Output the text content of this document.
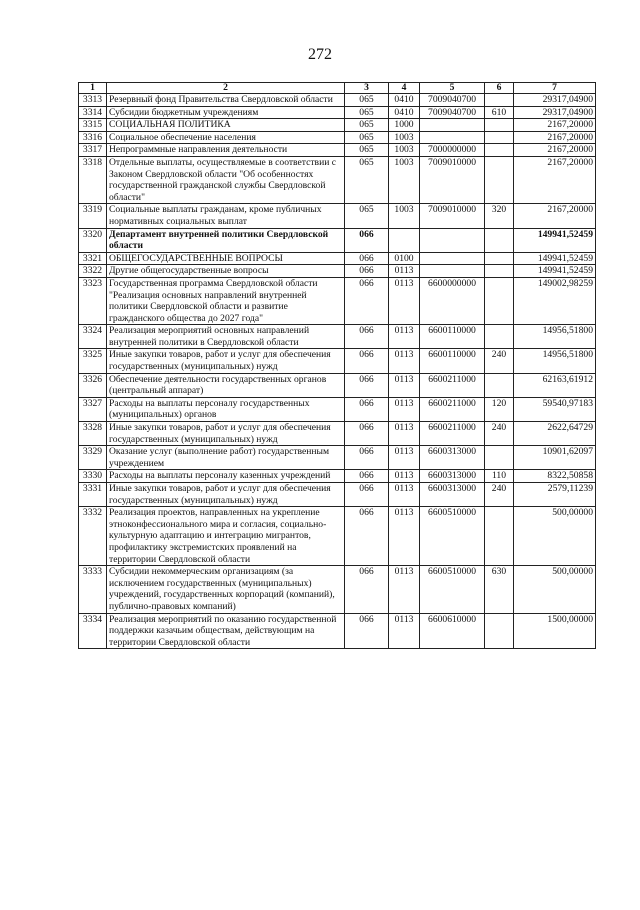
272
1	2	3	4	5	6	7
3313	Резервный фонд Правительства Свердловской области	065	0410	7009040700		29317,04900
3314	Субсидии бюджетным учреждениям	065	0410	7009040700	610	29317,04900
3315	СОЦИАЛЬНАЯ ПОЛИТИКА	065	1000			2167,20000
3316	Социальное обеспечение населения	065	1003			2167,20000
3317	Непрограммные направления деятельности	065	1003	7000000000		2167,20000
3318	Отдельные выплаты, осуществляемые в соответствии с Законом Свердловской области "Об особенностях государственной гражданской службы Свердловской области"	065	1003	7009010000		2167,20000
3319	Социальные выплаты гражданам, кроме публичных нормативных социальных выплат	065	1003	7009010000	320	2167,20000
3320	Департамент внутренней политики Свердловской области	066				149941,52459
3321	ОБЩЕГОСУДАРСТВЕННЫЕ ВОПРОСЫ	066	0100			149941,52459
3322	Другие общегосударственные вопросы	066	0113			149941,52459
3323	Государственная программа Свердловской области "Реализация основных направлений внутренней политики Свердловской области и развитие гражданского общества до 2027 года"	066	0113	6600000000		149002,98259
3324	Реализация мероприятий основных направлений внутренней политики в Свердловской области	066	0113	6600110000		14956,51800
3325	Иные закупки товаров, работ и услуг для обеспечения государственных (муниципальных) нужд	066	0113	6600110000	240	14956,51800
3326	Обеспечение деятельности государственных органов (центральный аппарат)	066	0113	6600211000		62163,61912
3327	Расходы на выплаты персоналу государственных (муниципальных) органов	066	0113	6600211000	120	59540,97183
3328	Иные закупки товаров, работ и услуг для обеспечения государственных (муниципальных) нужд	066	0113	6600211000	240	2622,64729
3329	Оказание услуг (выполнение работ) государственным учреждением	066	0113	6600313000		10901,62097
3330	Расходы на выплаты персоналу казенных учреждений	066	0113	6600313000	110	8322,50858
3331	Иные закупки товаров, работ и услуг для обеспечения государственных (муниципальных) нужд	066	0113	6600313000	240	2579,11239
3332	Реализация проектов, направленных на укрепление этноконфессионального мира и согласия, социально-культурную адаптацию и интеграцию мигрантов, профилактику экстремистских проявлений на территории Свердловской области	066	0113	6600510000		500,00000
3333	Субсидии некоммерческим организациям (за исключением государственных (муниципальных) учреждений, государственных корпораций (компаний), публично-правовых компаний)	066	0113	6600510000	630	500,00000
3334	Реализация мероприятий по оказанию государственной поддержки казачьим обществам, действующим на территории Свердловской области	066	0113	6600610000		1500,00000
